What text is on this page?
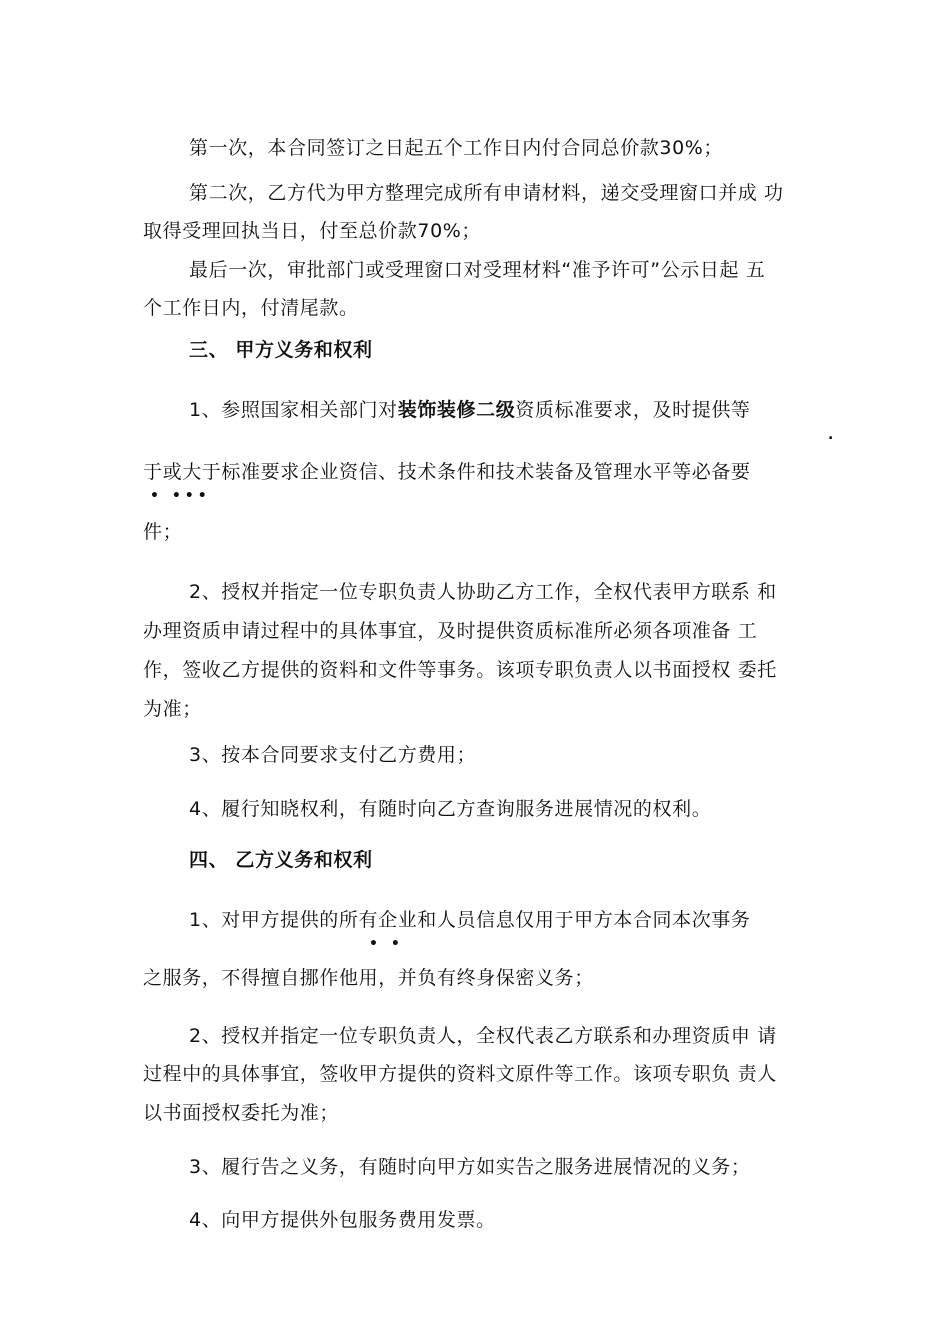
第一次，本合同签订之日起五个工作日内付合同总价款30%；
第二次，乙方代为甲方整理完成所有申请材料，递交受理窗口并成 功
取得受理回执当日，付至总价款70%；
最后一次，审批部门或受理窗口对受理材料“准予许可”公示日起 五
个工作日内，付清尾款。
三、 甲方义务和权利
1、参照国家相关部门对装饰装修二级资质标准要求，及时提供等
.
于或大于标准要求企业资信、技术条件和技术装备及管理水平等必备要
• •••
件；
2、授权并指定一位专职负责人协助乙方工作，全权代表甲方联系 和
办理资质申请过程中的具体事宜，及时提供资质标准所必须各项准备 工
作，签收乙方提供的资料和文件等事务。该项专职负责人以书面授权 委托
为准；
3、按本合同要求支付乙方费用；
4、履行知晓权利，有随时向乙方查询服务进展情况的权利。
四、 乙方义务和权利
1、对甲方提供的所有企业和人员信息仅用于甲方本合同本次事务
• •
之服务，不得擅自挪作他用，并负有终身保密义务；
2、授权并指定一位专职负责人，全权代表乙方联系和办理资质申 请
过程中的具体事宜，签收甲方提供的资料文原件等工作。该项专职负 责人
以书面授权委托为准；
3、履行告之义务，有随时向甲方如实告之服务进展情况的义务；
4、向甲方提供外包服务费用发票。
